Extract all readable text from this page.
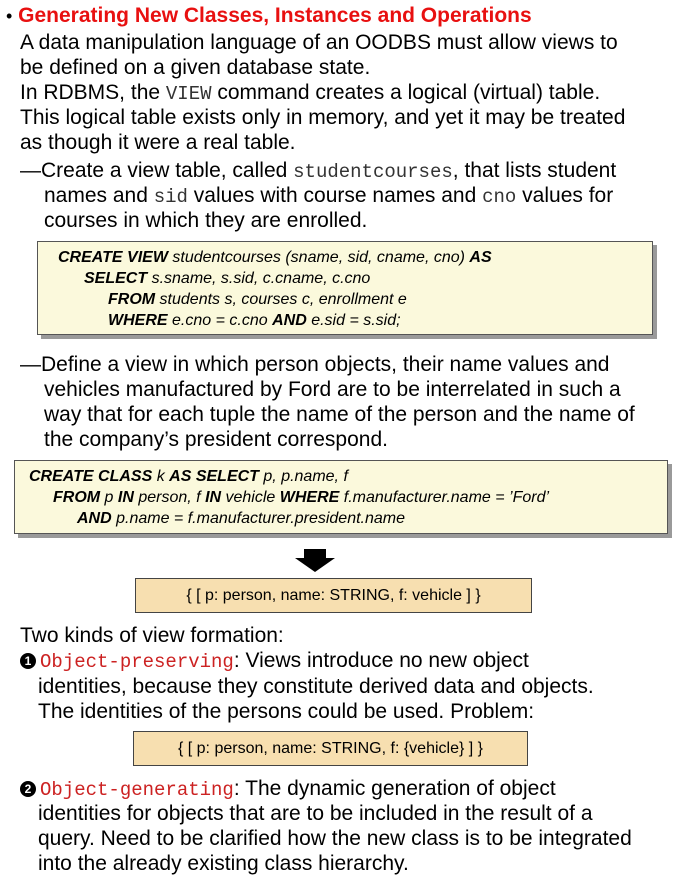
• Generating New Classes, Instances and Operations
A data manipulation language of an OODBS must allow views to
be defined on a given database state.
In RDBMS, the VIEW command creates a logical (virtual) table.
This logical table exists only in memory, and yet it may be treated
as though it were a real table.
—Create a view table, called studentcourses, that lists student
names and sid values with course names and cno values for
courses in which they are enrolled.
CREATE VIEW studentcourses (sname, sid, cname, cno) AS
SELECT s.sname, s.sid, c.cname, c.cno
FROM students s, courses c, enrollment e
WHERE e.cno = c.cno AND e.sid = s.sid;
—Define a view in which person objects, their name values and
vehicles manufactured by Ford are to be interrelated in such a
way that for each tuple the name of the person and the name of
the company’s president correspond.
CREATE CLASS k AS SELECT p, p.name, f
FROM p IN person, f IN vehicle WHERE f.manufacturer.name = ’Ford’
AND p.name = f.manufacturer.president.name
{ [ p: person, name: STRING, f: vehicle ] }
Two kinds of view formation:
1 Object-preserving: Views introduce no new object
identities, because they constitute derived data and objects.
The identities of the persons could be used. Problem:
{ [ p: person, name: STRING, f: {vehicle} ] }
2 Object-generating: The dynamic generation of object
identities for objects that are to be included in the result of a
query. Need to be clarified how the new class is to be integrated
into the already existing class hierarchy.
